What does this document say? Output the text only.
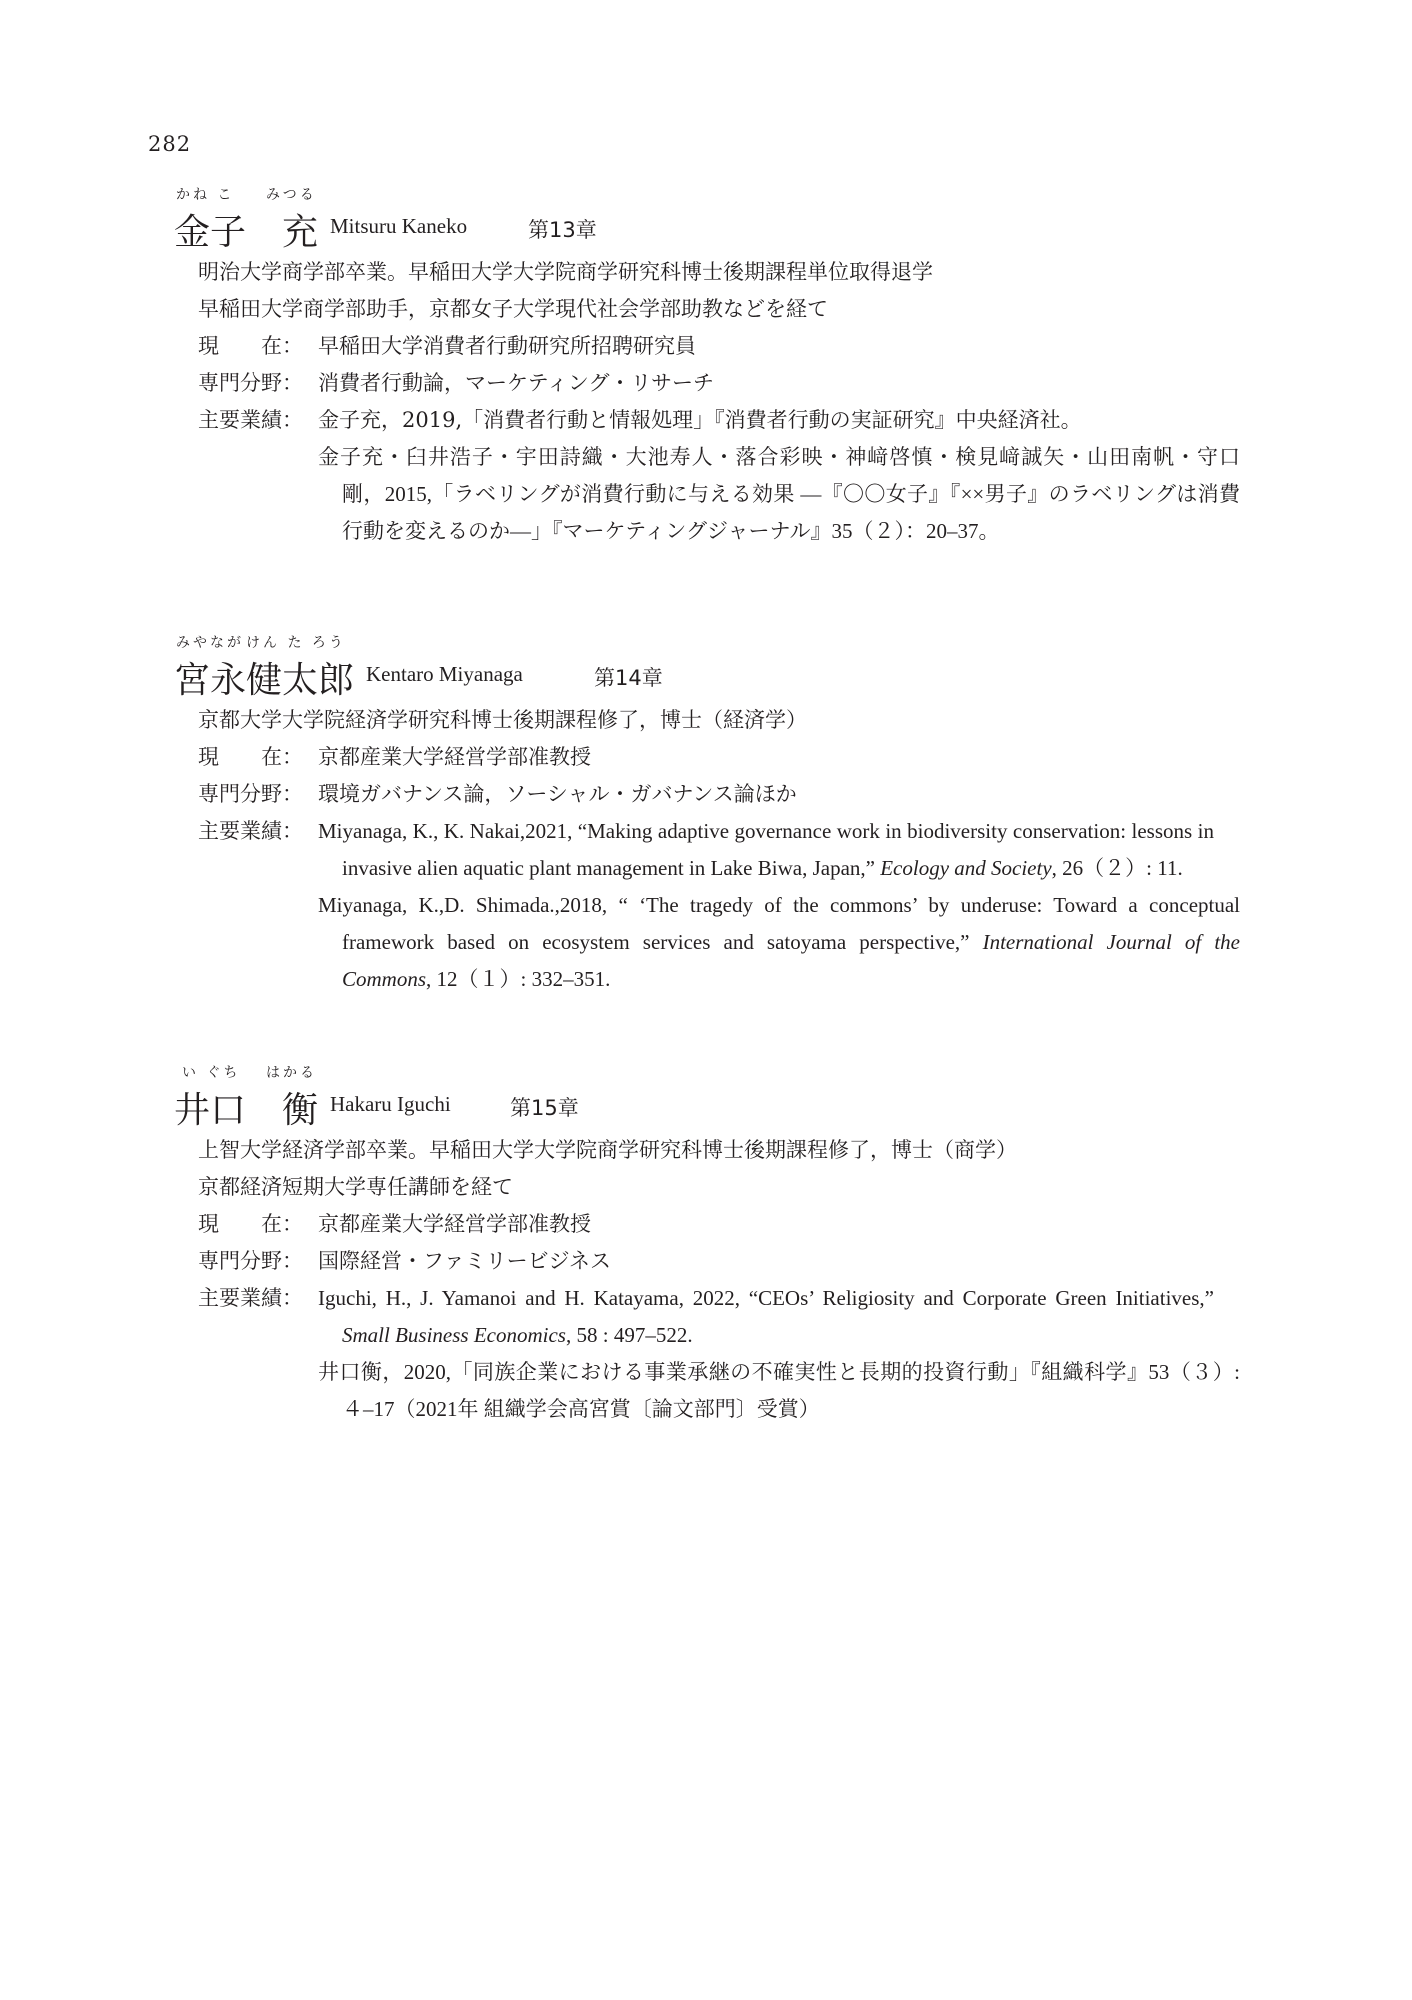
282
かね こ みつる
金子　充 Mitsuru Kaneko	第13章
明治大学商学部卒業。早稲田大学大学院商学研究科博士後期課程単位取得退学
早稲田大学商学部助手，京都女子大学現代社会学部助教などを経て
現　　在： 早稲田大学消費者行動研究所招聘研究員
専門分野： 消費者行動論，マーケティング・リサーチ
主要業績： 金子充，2019,「消費者行動と情報処理」『消費者行動の実証研究』中央経済社。
金子充・臼井浩子・宇田詩織・大池寿人・落合彩映・神﨑啓慎・検見﨑誠矢・山田南帆・守口剛，2015,「ラベリングが消費行動に与える効果 ―『〇〇女子』『××男子』のラベリングは消費行動を変えるのか―」『マーケティングジャーナル』35（２）：20‒37。
みやなが けん た ろう
宮永健太郎 Kentaro Miyanaga	第14章
京都大学大学院経済学研究科博士後期課程修了，博士（経済学）
現　　在： 京都産業大学経営学部准教授
専門分野： 環境ガバナンス論，ソーシャル・ガバナンス論ほか
主要業績： Miyanaga, K., K. Nakai,2021, “Making adaptive governance work in biodiversity conservation: lessons in invasive alien aquatic plant management in Lake Biwa, Japan,” Ecology and Society, 26（２）: 11.
Miyanaga, K.,D. Shimada.,2018, “ ‘The tragedy of the commons’ by underuse: Toward a conceptual framework based on ecosystem services and satoyama perspective,” International Journal of the Commons, 12（１）: 332‒351.
い ぐち はかる
井口　衡 Hakaru Iguchi	第15章
上智大学経済学部卒業。早稲田大学大学院商学研究科博士後期課程修了，博士（商学）
京都経済短期大学専任講師を経て
現　　在： 京都産業大学経営学部准教授
専門分野： 国際経営・ファミリービジネス
主要業績： Iguchi, H., J. Yamanoi and H. Katayama, 2022, “CEOs’ Religiosity and Corporate Green Initiatives,” Small Business Economics, 58 : 497‒522.
井口衡，2020,「同族企業における事業承継の不確実性と長期的投資行動」『組織科学』53（３）: ４‒17（2021年 組織学会高宮賞〔論文部門〕受賞）
